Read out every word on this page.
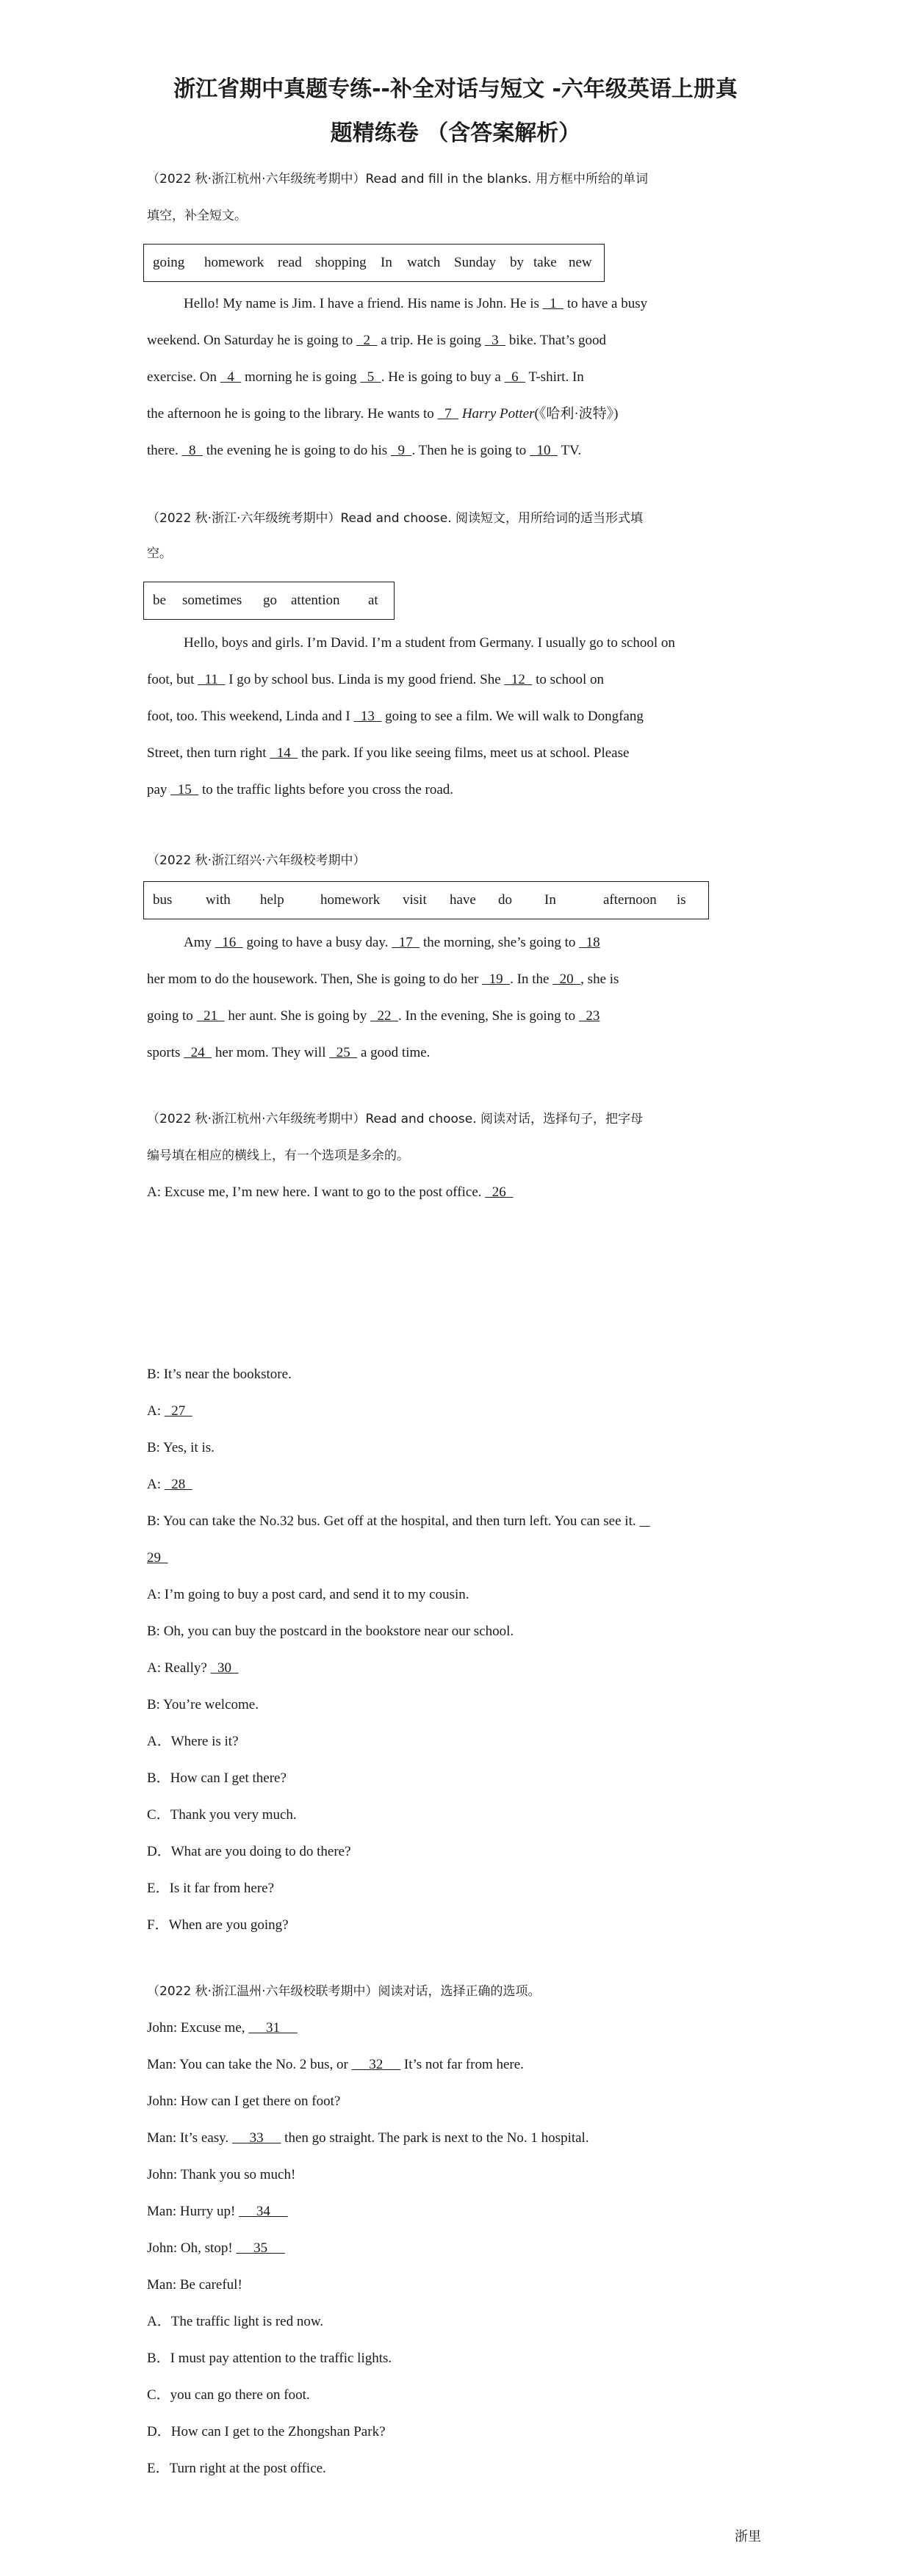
浙江省期中真题专练--补全对话与短文 -六年级英语上册真
题精练卷 （含答案解析）
（2022 秋·浙江杭州·六年级统考期中）Read and fill in the blanks. 用方框中所给的单词
填空，补全短文。
going homework read shopping In watch Sunday by take new
Hello! My name is Jim. I have a friend. His name is John. He is   1   to have a busy
weekend. On Saturday he is going to   2   a trip. He is going   3   bike. That’s good
exercise. On   4   morning he is going   5  . He is going to buy a   6   T-shirt. In
the afternoon he is going to the library. He wants to   7   Harry Potter(《哈利·波特》)
there.   8   the evening he is going to do his   9  . Then he is going to   10   TV.
（2022 秋·浙江·六年级统考期中）Read and choose. 阅读短文，用所给词的适当形式填
空。
be sometimes go attention at
Hello, boys and girls. I’m David. I’m a student from Germany. I usually go to school on
foot, but   11   I go by school bus. Linda is my good friend. She   12   to school on
foot, too. This weekend, Linda and I   13   going to see a film. We will walk to Dongfang
Street, then turn right   14   the park. If you like seeing films, meet us at school. Please
pay   15   to the traffic lights before you cross the road.
（2022 秋·浙江绍兴·六年级校考期中）
bus with help	homework visit have do In	afternoon is
Amy   16   going to have a busy day.   17   the morning, she’s going to   18
her mom to do the housework. Then, She is going to do her   19  . In the   20  , she is
going to   21   her aunt. She is going by   22  . In the evening, She is going to   23
sports   24   her mom. They will   25   a good time.
（2022 秋·浙江杭州·六年级统考期中）Read and choose. 阅读对话，选择句子，把字母
编号填在相应的横线上，有一个选项是多余的。
A: Excuse me, I’m new here. I want to go to the post office.   26
B: It’s near the bookstore.
A:   27
B: Yes, it is.
A:   28
B: You can take the No.32 bus. Get off at the hospital, and then turn left. You can see it.
29
A: I’m going to buy a post card, and send it to my cousin.
B: Oh, you can buy the postcard in the bookstore near our school.
A: Really?   30
B: You’re welcome.
A．Where is it?
B．How can I get there?
C．Thank you very much.
D．What are you doing to do there?
E．Is it far from here?
F．When are you going?
（2022 秋·浙江温州·六年级校联考期中）阅读对话，选择正确的选项。
John: Excuse me,      31
Man: You can take the No. 2 bus, or      32      It’s not far from here.
John: How can I get there on foot?
Man: It’s easy.      33      then go straight. The park is next to the No. 1 hospital.
John: Thank you so much!
Man: Hurry up!      34
John: Oh, stop!      35
Man: Be careful!
A．The traffic light is red now.
B．I must pay attention to the traffic lights.
C．you can go there on foot.
D．How can I get to the Zhongshan Park?
E．Turn right at the post office.
浙里
